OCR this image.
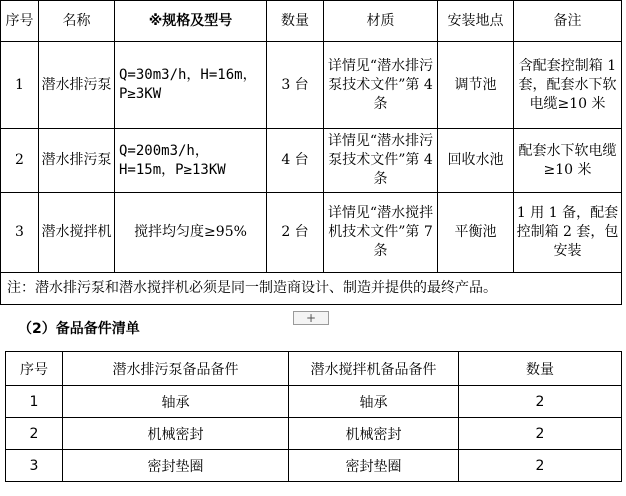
序号	名称	※规格及型号	数量	材质	安装地点	备注
1	潜水排污泵	Q=30m3/h，H=16m，P≥3KW	3 台	详情见“潜水排污泵技术文件”第 4 条	调节池	含配套控制箱 1 套，配套水下软电缆≥10 米
2	潜水排污泵	Q=200m3/h，H=15m，P≥13KW	4 台	详情见“潜水排污泵技术文件”第 4 条	回收水池	配套水下软电缆≥10 米
3	潜水搅拌机	搅拌均匀度≥95%	2 台	详情见“潜水搅拌机技术文件”第 7 条	平衡池	1 用 1 备，配套控制箱 2 套，包安装
注：潜水排污泵和潜水搅拌机必须是同一制造商设计、制造并提供的最终产品。						
+
（2）备品备件清单
序号	潜水排污泵备品备件	潜水搅拌机备品备件	数量
1	轴承	轴承	2
2	机械密封	机械密封	2
3	密封垫圈	密封垫圈	2
